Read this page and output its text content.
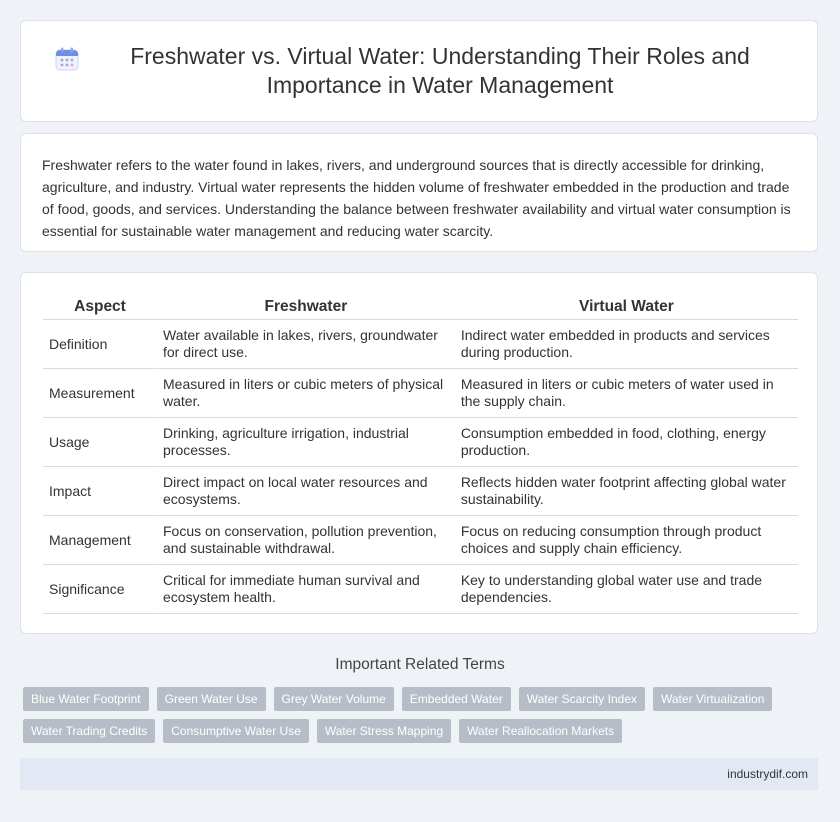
Freshwater vs. Virtual Water: Understanding Their Roles and Importance in Water Management

Freshwater refers to the water found in lakes, rivers, and underground sources that is directly accessible for drinking, agriculture, and industry. Virtual water represents the hidden volume of freshwater embedded in the production and trade of food, goods, and services. Understanding the balance between freshwater availability and virtual water consumption is essential for sustainable water management and reducing water scarcity.

Aspect	Freshwater	Virtual Water
Definition	Water available in lakes, rivers, groundwater for direct use.	Indirect water embedded in products and services during production.
Measurement	Measured in liters or cubic meters of physical water.	Measured in liters or cubic meters of water used in the supply chain.
Usage	Drinking, agriculture irrigation, industrial processes.	Consumption embedded in food, clothing, energy production.
Impact	Direct impact on local water resources and ecosystems.	Reflects hidden water footprint affecting global water sustainability.
Management	Focus on conservation, pollution prevention, and sustainable withdrawal.	Focus on reducing consumption through product choices and supply chain efficiency.
Significance	Critical for immediate human survival and ecosystem health.	Key to understanding global water use and trade dependencies.
Important Related Terms
Blue Water Footprint	Green Water Use	Grey Water Volume	Embedded Water	Water Scarcity Index	Water Virtualization
Water Trading Credits	Consumptive Water Use	Water Stress Mapping	Water Reallocation Markets
industrydif.com
